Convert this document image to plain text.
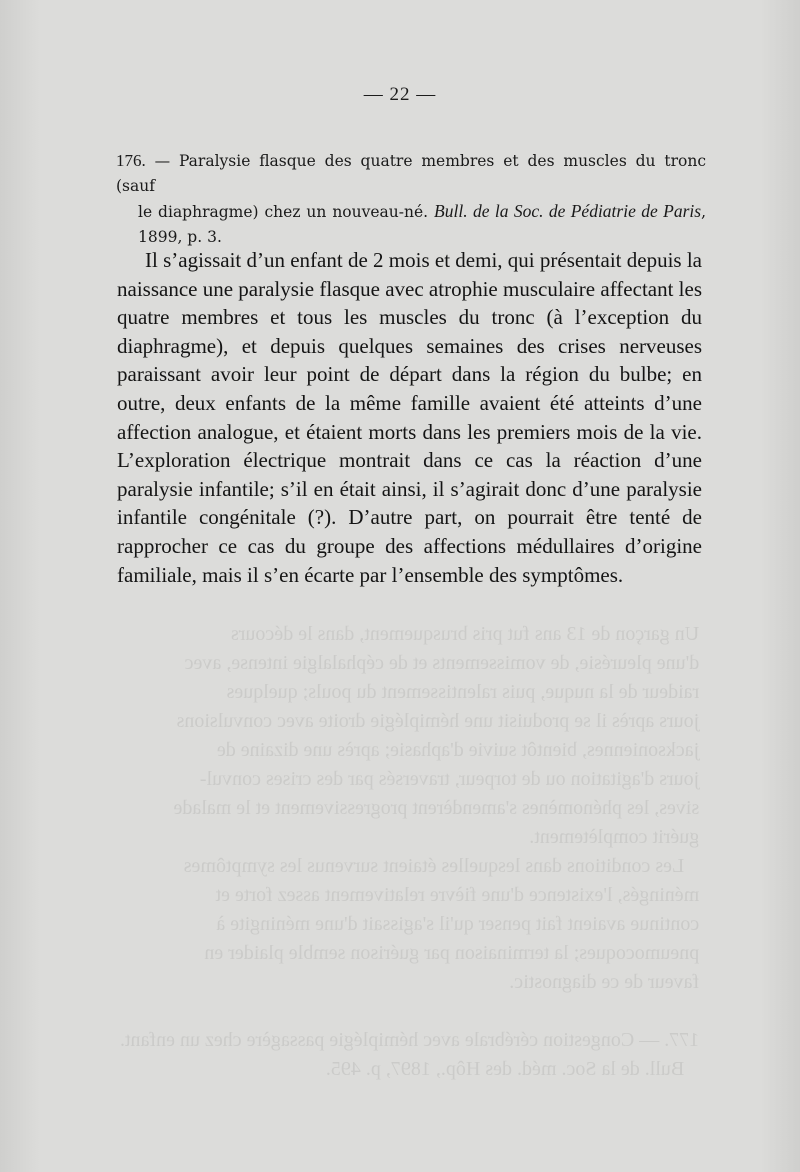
Un garçon de 13 ans fut pris brusquement, dans le décours
d'une pleurésie, de vomissements et de céphalalgie intense, avec
raideur de la nuque, puis ralentissement du pouls; quelques
jours après il se produisit une hémiplégie droite avec convulsions
jacksoniennes, bientôt suivie d'aphasie; après une dizaine de
jours d'agitation ou de torpeur, traversés par des crises convul-
sives, les phénomènes s'amendèrent progressivement et le malade
guérit complètement.
Les conditions dans lesquelles étaient survenus les symptômes
méningés, l'existence d'une fièvre relativement assez forte et
continue avaient fait penser qu'il s'agissait d'une méningite à
pneumocoques; la terminaison par guérison semble plaider en
faveur de ce diagnostic.

177. — Congestion cérébrale avec hémiplégie passagère chez un enfant.
Bull. de la Soc. méd. des Hôp., 1897, p. 495.
— 22 —
176. — Paralysie flasque des quatre membres et des muscles du tronc (sauf
le diaphragme) chez un nouveau-né. Bull. de la Soc. de Pédiatrie de Paris, 1899, p. 3.

Il s’agissait d’un enfant de 2 mois et demi, qui présentait depuis la naissance une paralysie flasque avec atrophie musculaire affectant les quatre membres et tous les muscles du tronc (à l’exception du diaphragme), et depuis quelques semaines des crises nerveuses paraissant avoir leur point de départ dans la région du bulbe; en outre, deux enfants de la même famille avaient été atteints d’une affection analogue, et étaient morts dans les premiers mois de la vie. L’exploration électrique montrait dans ce cas la réaction d’une paralysie infantile; s’il en était ainsi, il s’agirait donc d’une paralysie infantile congénitale (?). D’autre part, on pourrait être tenté de rapprocher ce cas du groupe des affections médullaires d’origine familiale, mais il s’en écarte par l’ensemble des symptômes.
